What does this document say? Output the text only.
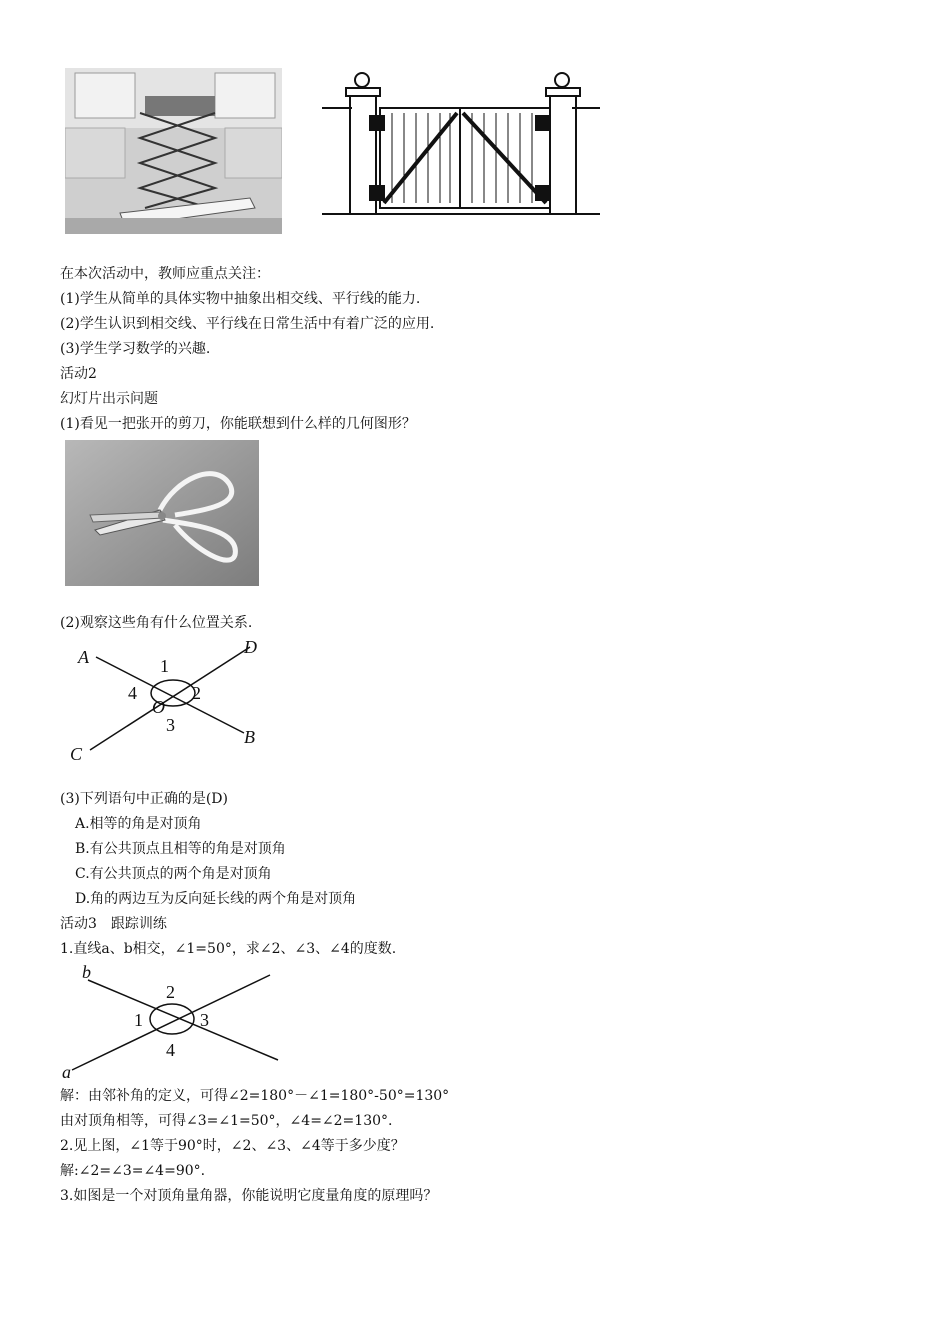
在本次活动中，教师应重点关注：
(1)学生从简单的具体实物中抽象出相交线、平行线的能力.
(2)学生认识到相交线、平行线在日常生活中有着广泛的应用.
(3)学生学习数学的兴趣.
活动2
幻灯片出示问题
(1)看见一把张开的剪刀，你能联想到什么样的几何图形？
(2)观察这些角有什么位置关系.
A	D
C
B
O
1
2
3
4
(3)下列语句中正确的是(D)
A.相等的角是对顶角
B.有公共顶点且相等的角是对顶角
C.有公共顶点的两个角是对顶角
D.角的两边互为反向延长线的两个角是对顶角
活动3　跟踪训练
1.直线a、b相交，∠1=50°，求∠2、∠3、∠4的度数.
b
a
2
1	3
4
解：由邻补角的定义，可得∠2=180°－∠1=180°-50°=130°
由对顶角相等，可得∠3=∠1=50°，∠4=∠2=130°.
2.见上图，∠1等于90°时，∠2、∠3、∠4等于多少度？
解:∠2=∠3=∠4=90°.
3.如图是一个对顶角量角器，你能说明它度量角度的原理吗？
